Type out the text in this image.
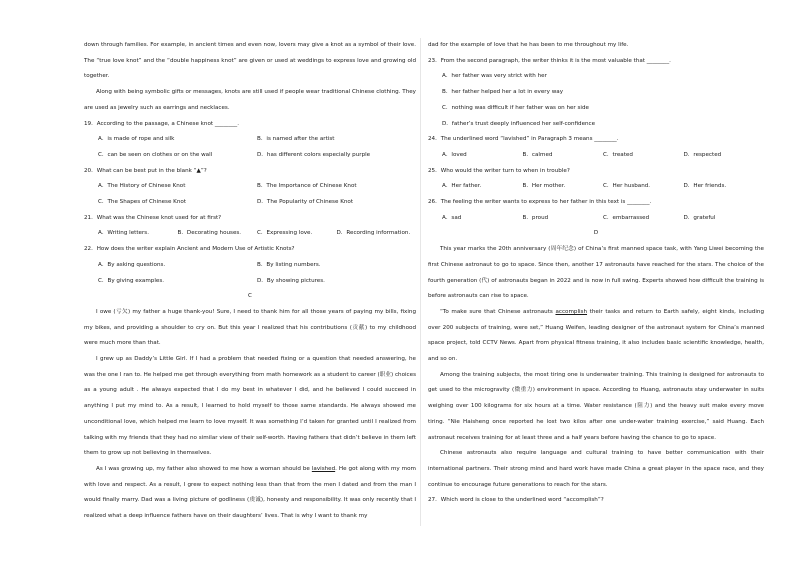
down through families. For example, in ancient times and even now, lovers may give a knot as a symbol of their love. The “true love knot” and the “double happiness knot” are given or used at weddings to express love and growing old together.

Along with being symbolic gifts or messages, knots are still used if people wear traditional Chinese clothing. They are used as jewelry such as earrings and necklaces.

19．According to the passage, a Chinese knot ________.

A．is made of rope and silk	B．is named after the artist
C．can be seen on clothes or on the wall	D．has different colors especially purple

20．What can be best put in the blank “▲”?

A．The History of Chinese Knot	B．The Importance of Chinese Knot
C．The Shapes of Chinese Knot	D．The Popularity of Chinese Knot

21．What was the Chinese knot used for at first?

A．Writing letters.	B．Decorating houses.	C．Expressing love.	D．Recording information.

22．How does the writer explain Ancient and Modern Use of Artistic Knots?

A．By asking questions.	B．By listing numbers.
C．By giving examples.	D．By showing pictures.

C

I owe (亏欠) my father a huge thank-you! Sure, I need to thank him for all those years of paying my bills, fixing my bikes, and providing a shoulder to cry on. But this year I realized that his contributions (贡献) to my childhood were much more than that.

I grew up as Daddy’s Little Girl. If I had a problem that needed fixing or a question that needed answering, he was the one I ran to. He helped me get through everything from math homework as a student to career (职业) choices as a young adult . He always expected that I do my best in whatever I did, and he believed I could succeed in anything I put my mind to. As a result, I learned to hold myself to those same standards. He always showed me unconditional love, which helped me learn to love myself. It was something I’d taken for granted until I realized from talking with my friends that they had no similar view of their self-worth. Having fathers that didn’t believe in them left them to grow up not believing in themselves.

As I was growing up, my father also showed to me how a woman should be lavished. He got along with my mom with love and respect. As a result, I grew to expect nothing less than that from the men I dated and from the man I would finally marry. Dad was a living picture of godliness (虔诚), honesty and responsibility. It was only recently that I realized what a deep influence fathers have on their daughters’ lives. That is why I want to thank my

dad for the example of love that he has been to me throughout my life.

23．From the second paragraph, the writer thinks it is the most valuable that ________.

A．her father was very strict with her
B．her father helped her a lot in every way
C．nothing was difficult if her father was on her side
D．father’s trust deeply influenced her self-confidence

24．The underlined word “lavished” in Paragraph 3 means ________.

A．loved	B．calmed	C．treated	D．respected

25．Who would the writer turn to when in trouble?

A．Her father.	B．Her mother.	C．Her husband.	D．Her friends.

26．The feeling the writer wants to express to her father in this text is ________.

A．sad	B．proud	C．embarrassed	D．grateful

D

This year marks the 20th anniversary (周年纪念) of China’s first manned space task, with Yang Liwei becoming the first Chinese astronaut to go to space. Since then, another 17 astronauts have reached for the stars. The choice of the fourth generation (代) of astronauts began in 2022 and is now in full swing. Experts showed how difficult the training is before astronauts can rise to space.

“To make sure that Chinese astronauts accomplish their tasks and return to Earth safely, eight kinds, including over 200 subjects of training, were set,” Huang Weifen, leading designer of the astronaut system for China’s manned space project, told CCTV News. Apart from physical fitness training, it also includes basic scientific knowledge, health, and so on.

Among the training subjects, the most tiring one is underwater training. This training is designed for astronauts to get used to the microgravity (微重力) environment in space. According to Huang, astronauts stay underwater in suits weighing over 100 kilograms for six hours at a time. Water resistance (阻力) and the heavy suit make every move tiring. “Nie Haisheng once reported he lost two kilos after one under-water training exercise,” said Huang. Each astronaut receives training for at least three and a half years before having the chance to go to space.

Chinese astronauts also require language and cultural training to have better communication with their international partners. Their strong mind and hard work have made China a great player in the space race, and they continue to encourage future generations to reach for the stars.

27．Which word is close to the underlined word “accomplish”?
